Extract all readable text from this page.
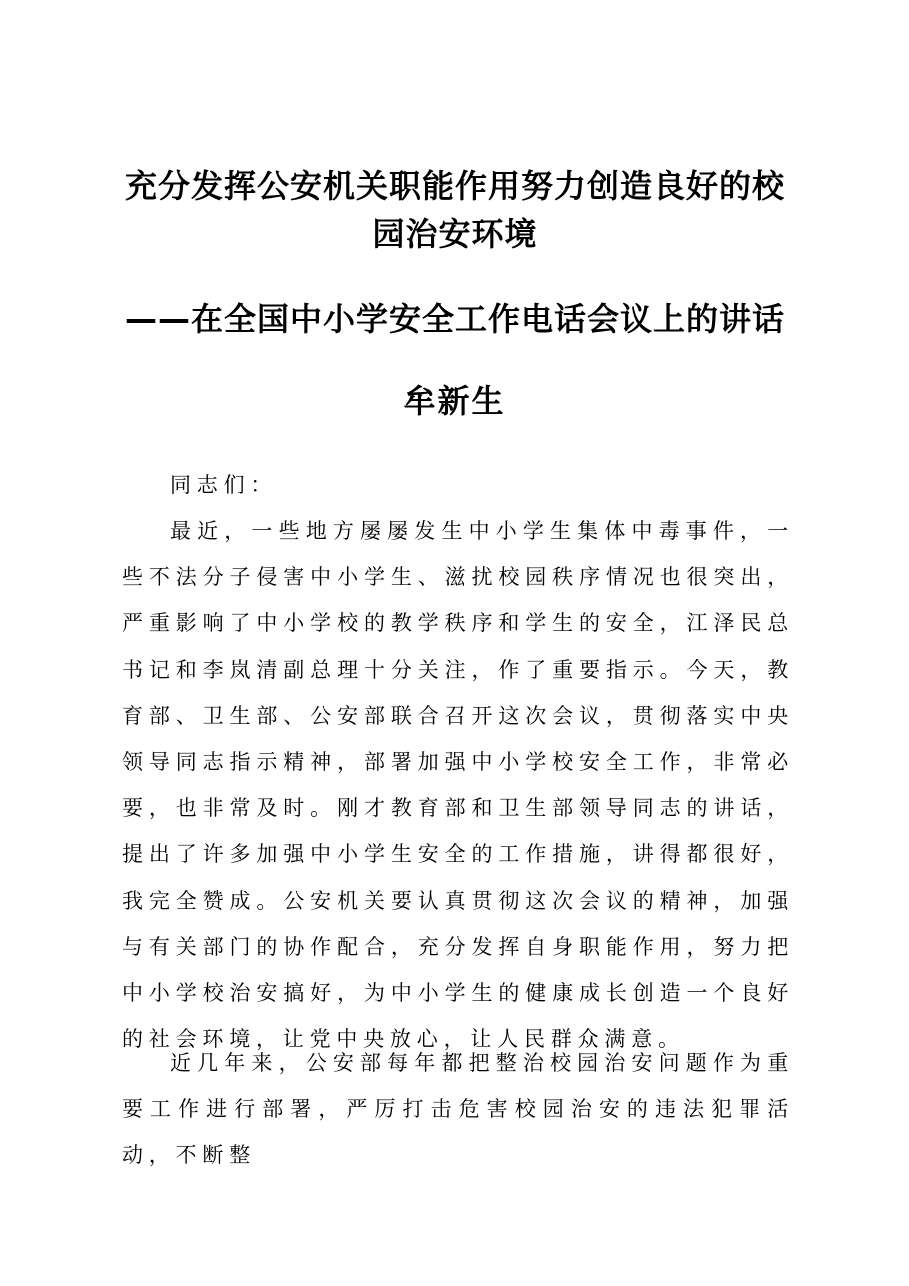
充分发挥公安机关职能作用努力创造良好的校园治安环境
——在全国中小学安全工作电话会议上的讲话
牟新生
同志们：
最近，一些地方屡屡发生中小学生集体中毒事件，一些不法分子侵害中小学生、滋扰校园秩序情况也很突出，严重影响了中小学校的教学秩序和学生的安全，江泽民总书记和李岚清副总理十分关注，作了重要指示。今天，教育部、卫生部、公安部联合召开这次会议，贯彻落实中央领导同志指示精神，部署加强中小学校安全工作，非常必要，也非常及时。刚才教育部和卫生部领导同志的讲话，提出了许多加强中小学生安全的工作措施，讲得都很好，我完全赞成。公安机关要认真贯彻这次会议的精神，加强与有关部门的协作配合，充分发挥自身职能作用，努力把中小学校治安搞好，为中小学生的健康成长创造一个良好的社会环境，让党中央放心，让人民群众满意。
近几年来，公安部每年都把整治校园治安问题作为重要工作进行部署，严厉打击危害校园治安的违法犯罪活动，不断整
